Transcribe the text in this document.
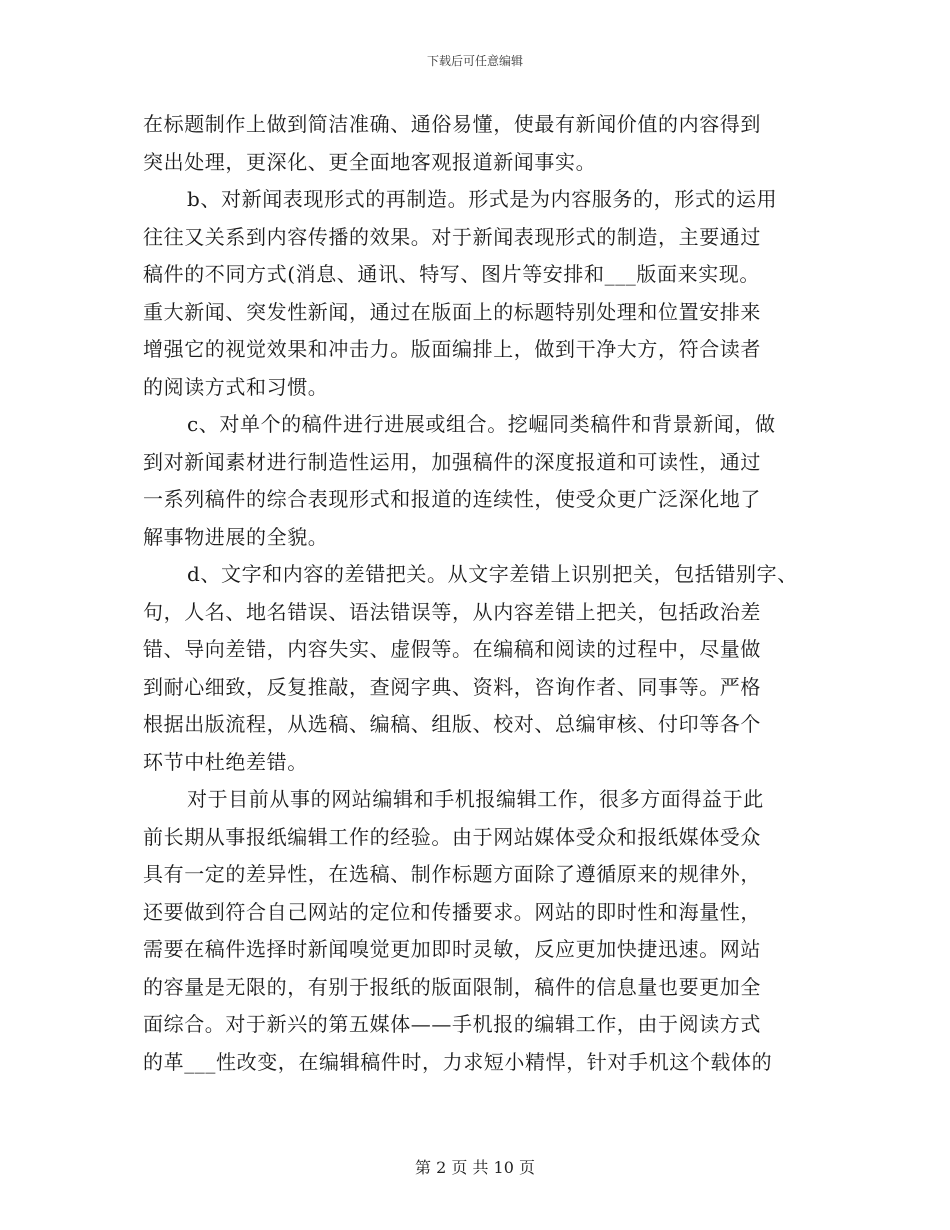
下载后可任意编辑
在标题制作上做到简洁准确、通俗易懂，使最有新闻价值的内容得到
突出处理，更深化、更全面地客观报道新闻事实。
b、对新闻表现形式的再制造。形式是为内容服务的，形式的运用
往往又关系到内容传播的效果。对于新闻表现形式的制造，主要通过
稿件的不同方式(消息、通讯、特写、图片等安排和___版面来实现。
重大新闻、突发性新闻，通过在版面上的标题特别处理和位置安排来
增强它的视觉效果和冲击力。版面编排上，做到干净大方，符合读者
的阅读方式和习惯。
c、对单个的稿件进行进展或组合。挖崛同类稿件和背景新闻，做
到对新闻素材进行制造性运用，加强稿件的深度报道和可读性，通过
一系列稿件的综合表现形式和报道的连续性，使受众更广泛深化地了
解事物进展的全貌。
d、文字和内容的差错把关。从文字差错上识别把关，包括错别字、
句，人名、地名错误、语法错误等，从内容差错上把关，包括政治差
错、导向差错，内容失实、虚假等。在编稿和阅读的过程中，尽量做
到耐心细致，反复推敲，查阅字典、资料，咨询作者、同事等。严格
根据出版流程，从选稿、编稿、组版、校对、总编审核、付印等各个
环节中杜绝差错。
对于目前从事的网站编辑和手机报编辑工作，很多方面得益于此
前长期从事报纸编辑工作的经验。由于网站媒体受众和报纸媒体受众
具有一定的差异性，在选稿、制作标题方面除了遵循原来的规律外，
还要做到符合自己网站的定位和传播要求。网站的即时性和海量性，
需要在稿件选择时新闻嗅觉更加即时灵敏，反应更加快捷迅速。网站
的容量是无限的，有别于报纸的版面限制，稿件的信息量也要更加全
面综合。对于新兴的第五媒体——手机报的编辑工作，由于阅读方式
的革___性改变，在编辑稿件时，力求短小精悍，针对手机这个载体的
第 2 页 共 10 页
